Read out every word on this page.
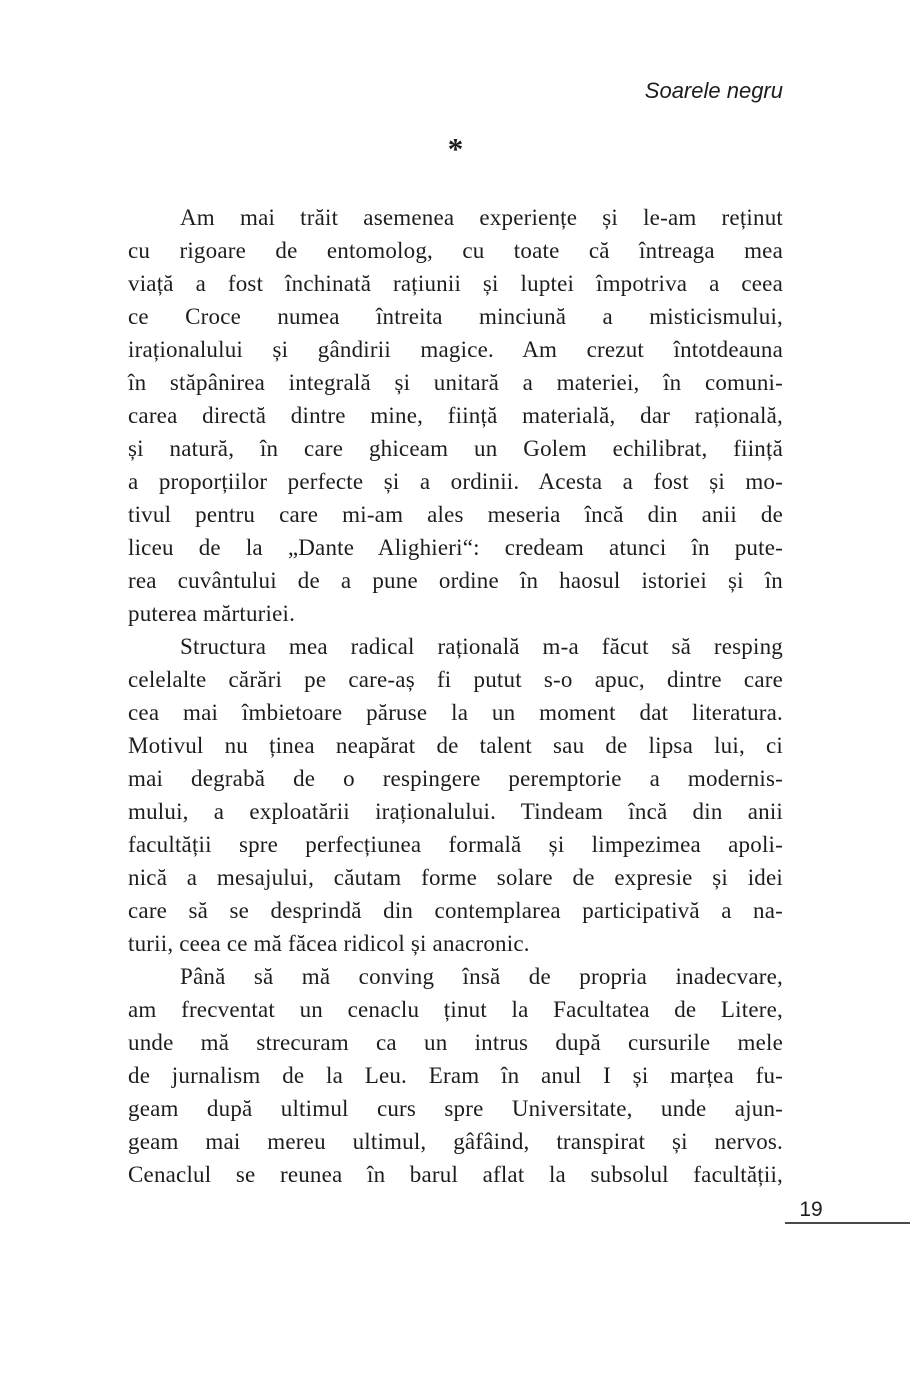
Soarele negru
*
Am mai trăit asemenea experiențe și le-am reținut
cu rigoare de entomolog, cu toate că întreaga mea
viață a fost închinată rațiunii și luptei împotriva a ceea
ce Croce numea întreita minciună a misticismului,
iraționalului și gândirii magice. Am crezut întotdeauna
în stăpânirea integrală și unitară a materiei, în comuni-
carea directă dintre mine, ființă materială, dar rațională,
și natură, în care ghiceam un Golem echilibrat, ființă
a proporțiilor perfecte și a ordinii. Acesta a fost și mo-
tivul pentru care mi-am ales meseria încă din anii de
liceu de la „Dante Alighieri“: credeam atunci în pute-
rea cuvântului de a pune ordine în haosul istoriei și în
puterea mărturiei.
Structura mea radical rațională m-a făcut să resping
celelalte cărări pe care-aș fi putut s-o apuc, dintre care
cea mai îmbietoare păruse la un moment dat literatura.
Motivul nu ținea neapărat de talent sau de lipsa lui, ci
mai degrabă de o respingere peremptorie a modernis-
mului, a exploatării iraționalului. Tindeam încă din anii
facultății spre perfecțiunea formală și limpezimea apoli-
nică a mesajului, căutam forme solare de expresie și idei
care să se desprindă din contemplarea participativă a na-
turii, ceea ce mă făcea ridicol și anacronic.
Până să mă conving însă de propria inadecvare,
am frecventat un cenaclu ținut la Facultatea de Litere,
unde mă strecuram ca un intrus după cursurile mele
de jurnalism de la Leu. Eram în anul I și marțea fu-
geam după ultimul curs spre Universitate, unde ajun-
geam mai mereu ultimul, gâfâind, transpirat și nervos.
Cenaclul se reunea în barul aflat la subsolul facultății,
19
